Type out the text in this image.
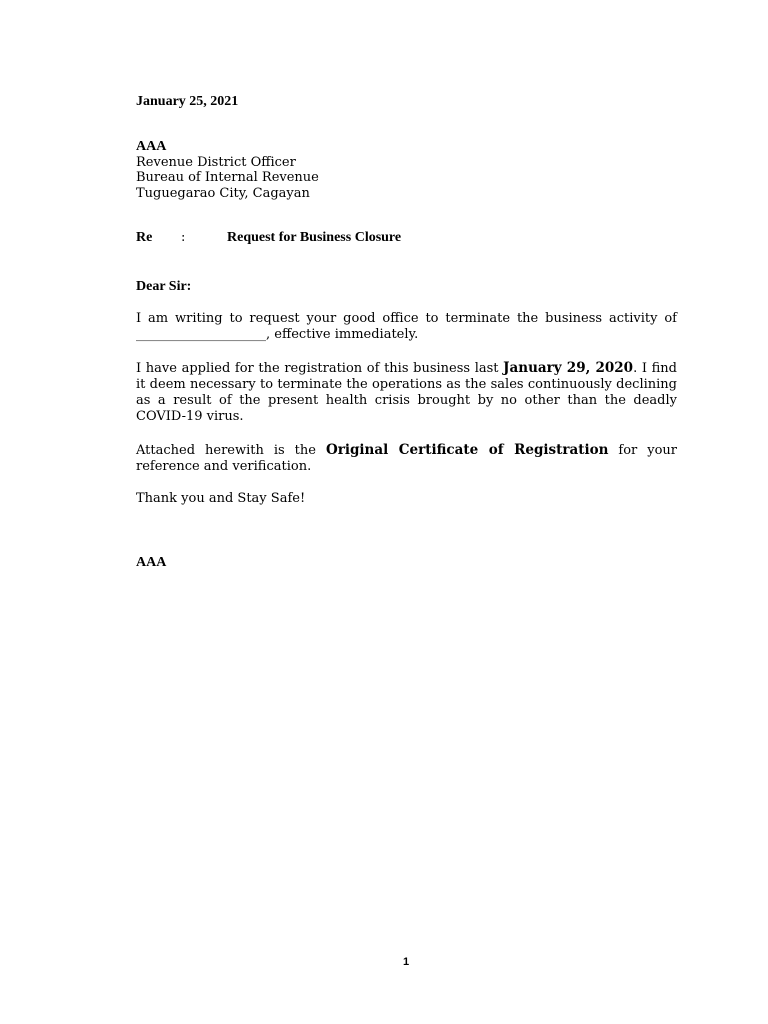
January 25, 2021
AAA
Revenue District Officer
Bureau of Internal Revenue
Tuguegarao City, Cagayan
Re :	Request for Business Closure
Dear Sir:

I am writing to request your good office to terminate the business activity of ____________________, effective immediately.

I have applied for the registration of this business last January 29, 2020. I find it deem necessary to terminate the operations as the sales continuously declining as a result of the present health crisis brought by no other than the deadly COVID-19 virus.

Attached herewith is the Original Certificate of Registration for your reference and verification.

Thank you and Stay Safe!
AAA
1
